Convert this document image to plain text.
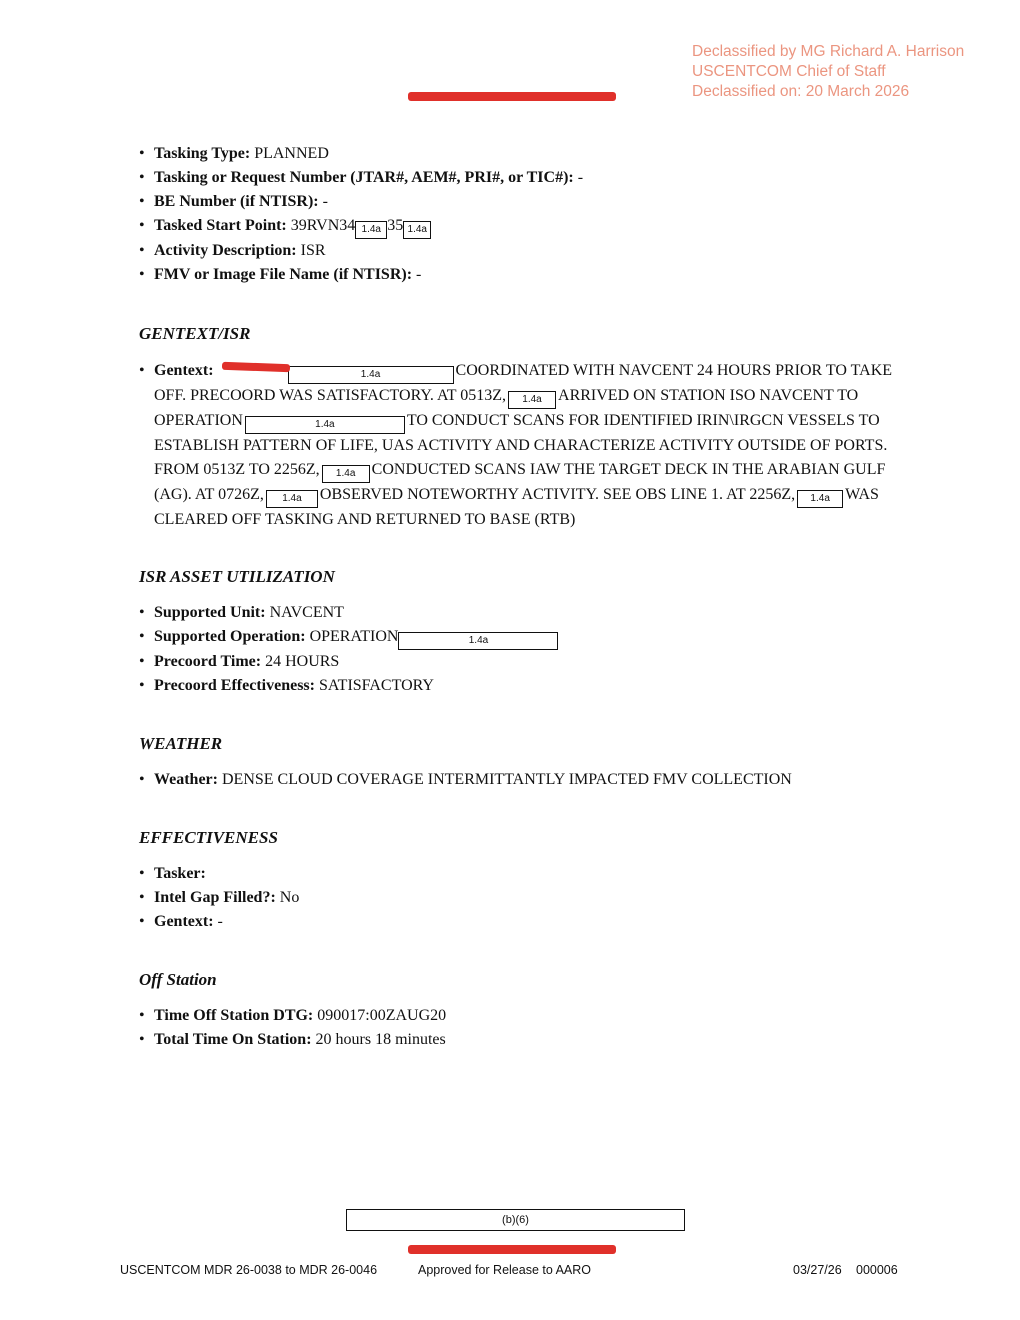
Declassified by MG Richard A. Harrison
USCENTCOM Chief of Staff
Declassified on: 20 March 2026
• Tasking Type: PLANNED
• Tasking or Request Number (JTAR#, AEM#, PRI#, or TIC#): -
• BE Number (if NTISR): -
• Tasked Start Point: 39RVN34 1.4a 35 1.4a
• Activity Description: ISR
• FMV or Image File Name (if NTISR): -
GENTEXT/ISR
• Gentext:	1.4a	COORDINATED WITH NAVCENT 24 HOURS PRIOR TO TAKE OFF. PRECOORD WAS SATISFACTORY. AT 0513Z, 1.4a ARRIVED ON STATION ISO NAVCENT TO OPERATION	1.4a	TO CONDUCT SCANS FOR IDENTIFIED IRIN\IRGCN VESSELS TO ESTABLISH PATTERN OF LIFE, UAS ACTIVITY AND CHARACTERIZE ACTIVITY OUTSIDE OF PORTS. FROM 0513Z TO 2256Z, 1.4a CONDUCTED SCANS IAW THE TARGET DECK IN THE ARABIAN GULF (AG). AT 0726Z, 1.4a OBSERVED NOTEWORTHY ACTIVITY. SEE OBS LINE 1. AT 2256Z, 1.4a WAS CLEARED OFF TASKING AND RETURNED TO BASE (RTB)
ISR ASSET UTILIZATION
• Supported Unit: NAVCENT
• Supported Operation: OPERATION	1.4a
• Precoord Time: 24 HOURS
• Precoord Effectiveness: SATISFACTORY
WEATHER
• Weather: DENSE CLOUD COVERAGE INTERMITTANTLY IMPACTED FMV COLLECTION
EFFECTIVENESS
• Tasker:
• Intel Gap Filled?: No
• Gentext: -
Off Station
• Time Off Station DTG: 090017:00ZAUG20
• Total Time On Station: 20 hours 18 minutes
(b)(6)
USCENTCOM MDR 26-0038 to MDR 26-0046	Approved for Release to AARO	03/27/26 000006
